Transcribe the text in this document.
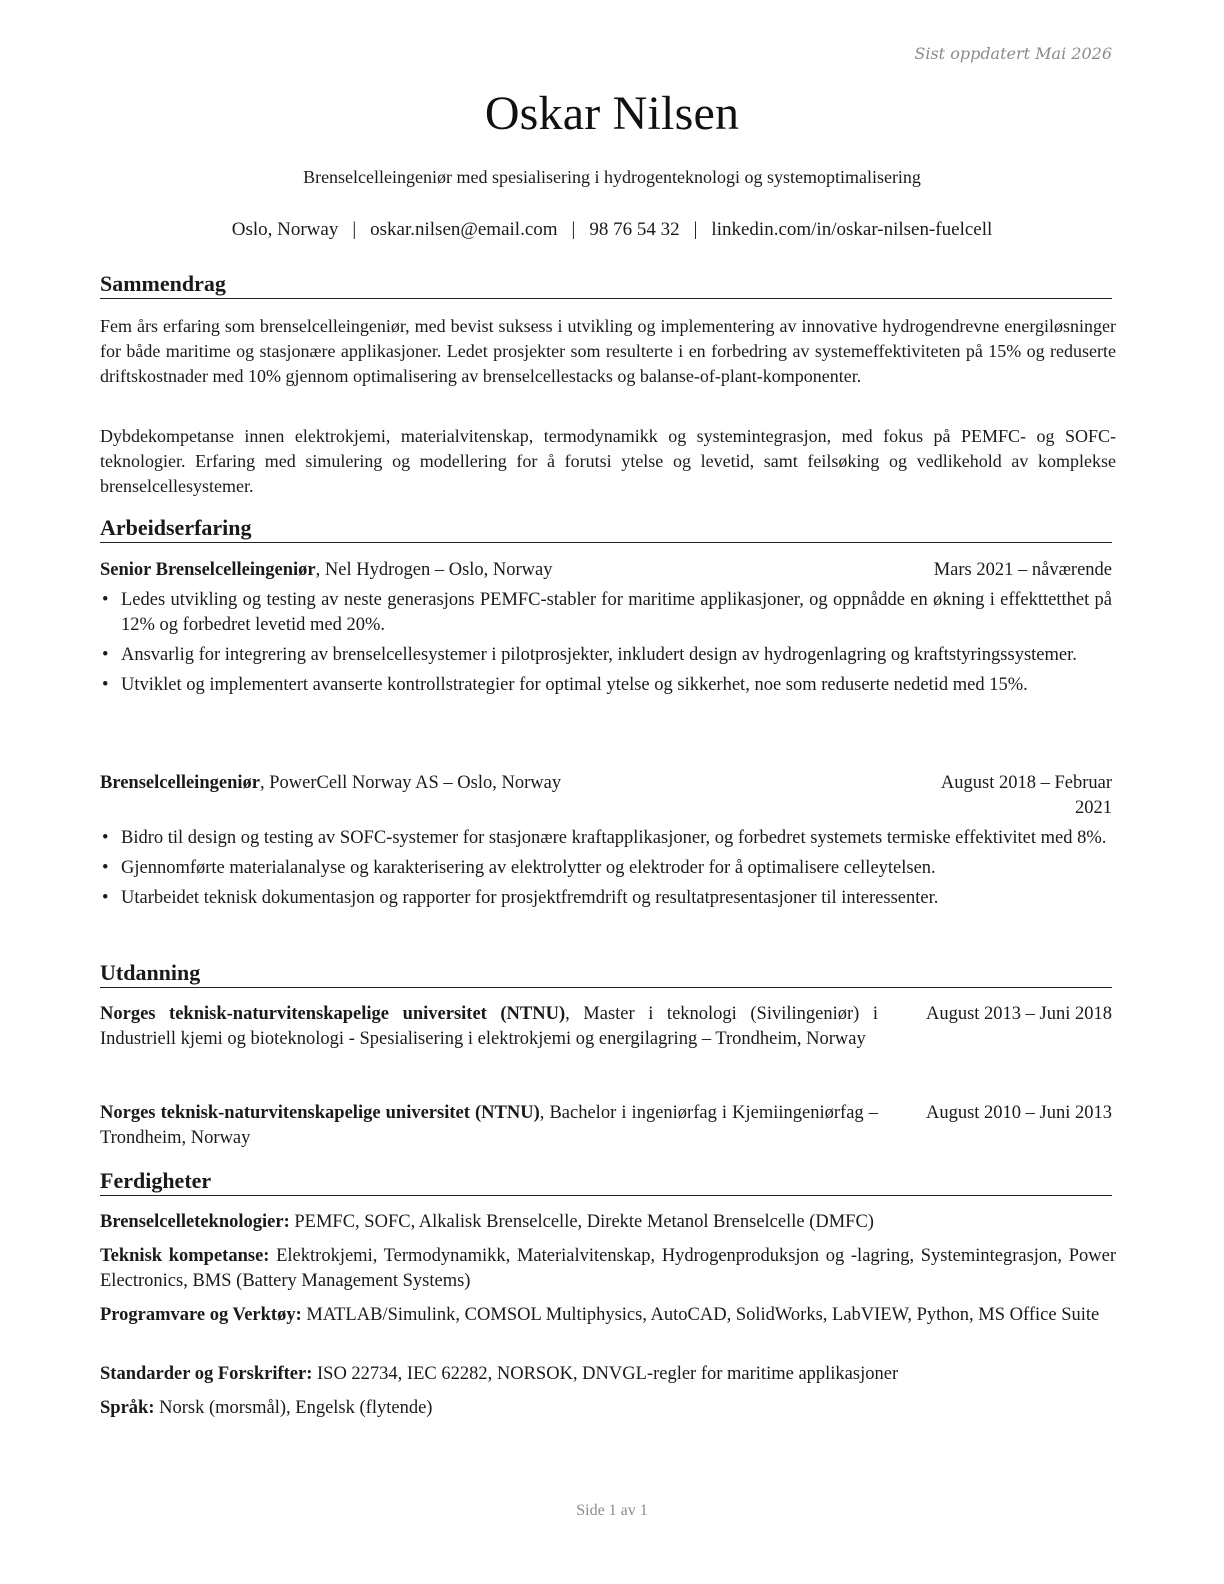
Sist oppdatert Mai 2026
Oskar Nilsen
Brenselcelleingeniør med spesialisering i hydrogenteknologi og systemoptimalisering
Oslo, Norway | oskar.nilsen@email.com | 98 76 54 32 | linkedin.com/in/oskar-nilsen-fuelcell
Sammendrag
Fem års erfaring som brenselcelleingeniør, med bevist suksess i utvikling og implementering av innovative hydrogendrevne energiløsninger for både maritime og stasjonære applikasjoner. Ledet prosjekter som resulterte i en forbedring av systemeffektiviteten på 15% og reduserte driftskostnader med 10% gjennom optimalisering av brenselcellestacks og balanse-of-plant-komponenter.
Dybdekompetanse innen elektrokjemi, materialvitenskap, termodynamikk og systemintegrasjon, med fokus på PEMFC- og SOFC-teknologier. Erfaring med simulering og modellering for å forutsi ytelse og levetid, samt feilsøking og vedlikehold av komplekse brenselcellesystemer.
Arbeidserfaring
Senior Brenselcelleingeniør, Nel Hydrogen – Oslo, Norway	Mars 2021 – nåværende
• Ledes utvikling og testing av neste generasjons PEMFC-stabler for maritime applikasjoner, og oppnådde en økning i effekttetthet på 12% og forbedret levetid med 20%.
• Ansvarlig for integrering av brenselcellesystemer i pilotprosjekter, inkludert design av hydrogenlagring og kraftstyringssystemer.
• Utviklet og implementert avanserte kontrollstrategier for optimal ytelse og sikkerhet, noe som reduserte nedetid med 15%.
Brenselcelleingeniør, PowerCell Norway AS – Oslo, Norway	August 2018 – Februar
2021
• Bidro til design og testing av SOFC-systemer for stasjonære kraftapplikasjoner, og forbedret systemets termiske effektivitet med 8%.
• Gjennomførte materialanalyse og karakterisering av elektrolytter og elektroder for å optimalisere celleytelsen.
• Utarbeidet teknisk dokumentasjon og rapporter for prosjektfremdrift og resultatpresentasjoner til interessenter.
Utdanning
Norges teknisk-naturvitenskapelige universitet (NTNU), Master i teknologi (Sivilingeniør) i Industriell kjemi og bioteknologi - Spesialisering i elektrokjemi og energilagring – Trondheim, Norway
August 2013 – Juni 2018
Norges teknisk-naturvitenskapelige universitet (NTNU), Bachelor i ingeniørfag i Kjemiingeniørfag – Trondheim, Norway
August 2010 – Juni 2013
Ferdigheter
Brenselcelleteknologier: PEMFC, SOFC, Alkalisk Brenselcelle, Direkte Metanol Brenselcelle (DMFC)
Teknisk kompetanse: Elektrokjemi, Termodynamikk, Materialvitenskap, Hydrogenproduksjon og -lagring, Systemintegrasjon, Power Electronics, BMS (Battery Management Systems)
Programvare og Verktøy: MATLAB/Simulink, COMSOL Multiphysics, AutoCAD, SolidWorks, LabVIEW, Python, MS Office Suite
Standarder og Forskrifter: ISO 22734, IEC 62282, NORSOK, DNVGL-regler for maritime applikasjoner
Språk: Norsk (morsmål), Engelsk (flytende)
Side 1 av 1
